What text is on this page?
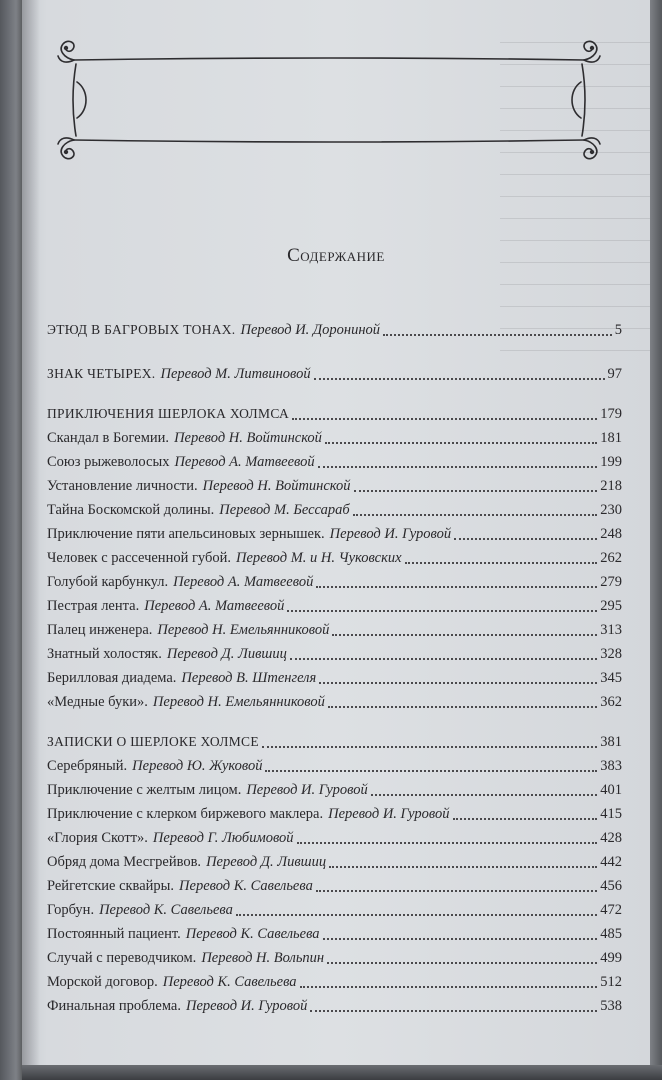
Содержание
ЭТЮД В БАГРОВЫХ ТОНАХ. Перевод И. Дорониной	5
ЗНАК ЧЕТЫРЕХ. Перевод М. Литвиновой	97
ПРИКЛЮЧЕНИЯ ШЕРЛОКА ХОЛМСА	179
Скандал в Богемии. Перевод Н. Войтинской	181
Союз рыжеволосых Перевод А. Матвеевой	199
Установление личности. Перевод Н. Войтинской	218
Тайна Боскомской долины. Перевод М. Бессараб	230
Приключение пяти апельсиновых зернышек. Перевод И. Гуровой	248
Человек с рассеченной губой. Перевод М. и Н. Чуковских	262
Голубой карбункул. Перевод А. Матвеевой	279
Пестрая лента. Перевод А. Матвеевой	295
Палец инженера. Перевод Н. Емельянниковой	313
Знатный холостяк. Перевод Д. Лившиц	328
Берилловая диадема. Перевод В. Штенгеля	345
«Медные буки». Перевод Н. Емельянниковой	362
ЗАПИСКИ О ШЕРЛОКЕ ХОЛМСЕ	381
Серебряный. Перевод Ю. Жуковой	383
Приключение с желтым лицом. Перевод И. Гуровой	401
Приключение с клерком биржевого маклера. Перевод И. Гуровой	415
«Глория Скотт». Перевод Г. Любимовой	428
Обряд дома Месгрейвов. Перевод Д. Лившиц	442
Рейгетские сквайры. Перевод К. Савельева	456
Горбун. Перевод К. Савельева	472
Постоянный пациент. Перевод К. Савельева	485
Случай с переводчиком. Перевод Н. Вольпин	499
Морской договор. Перевод К. Савельева	512
Финальная проблема. Перевод И. Гуровой	538
